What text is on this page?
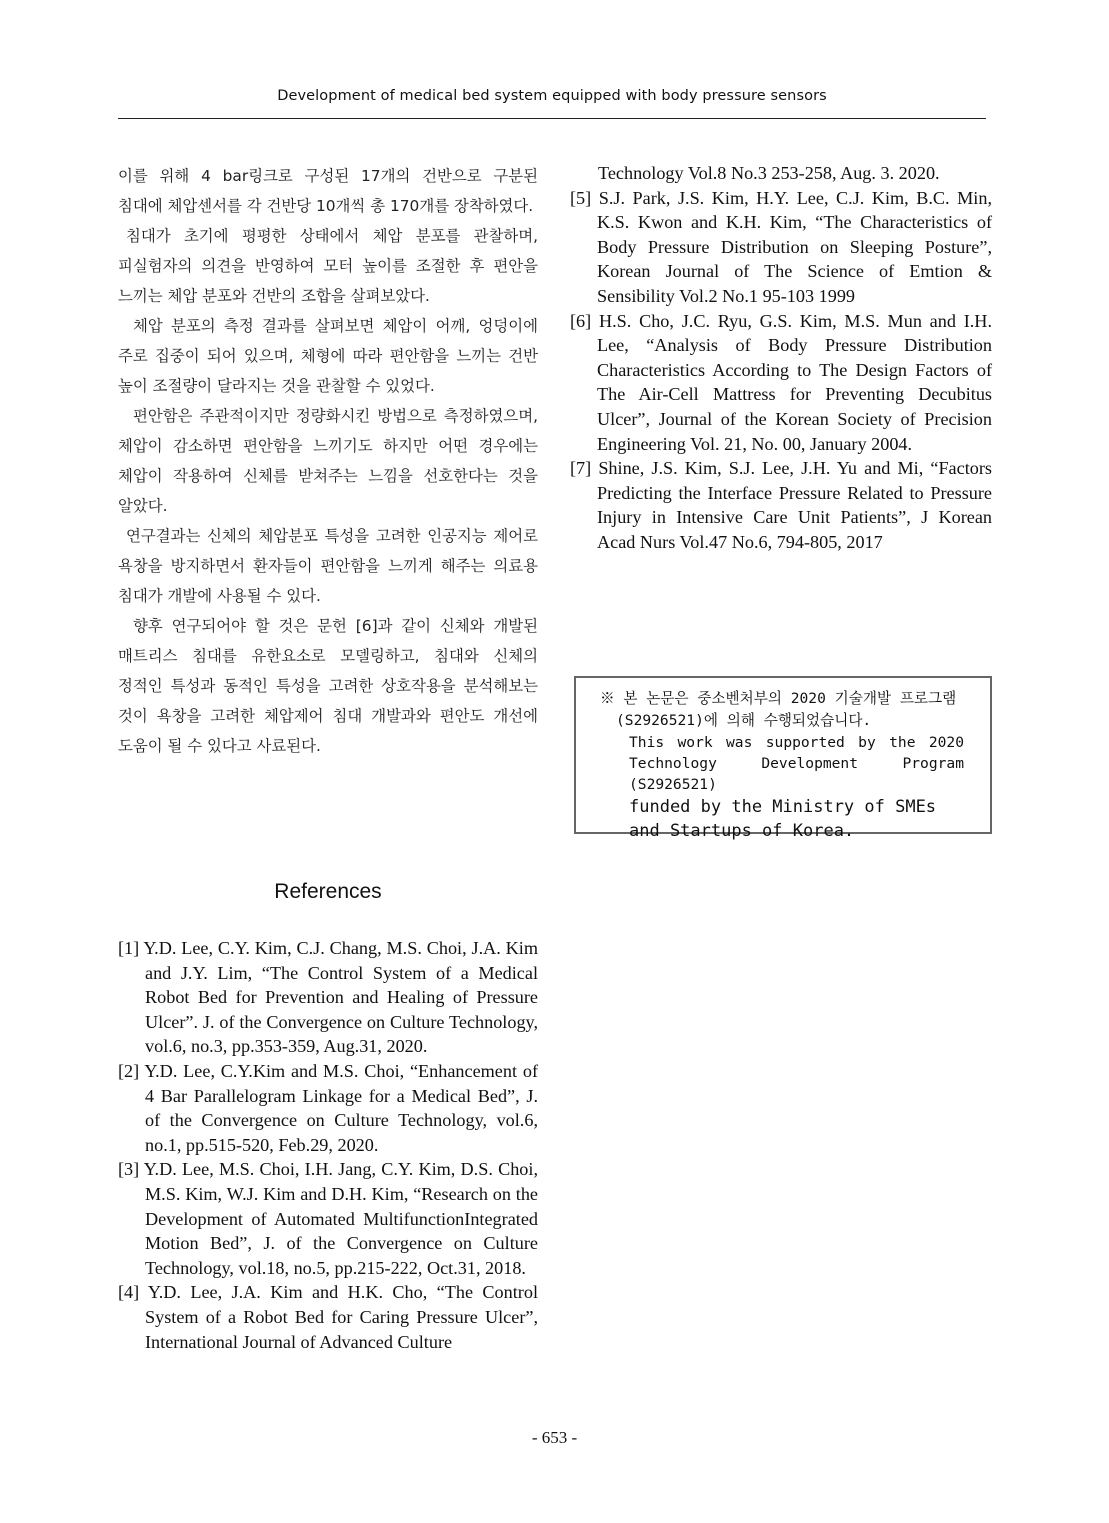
Development of medical bed system equipped with body pressure sensors

이를 위해 4 bar링크로 구성된 17개의 건반으로 구분된 침대에 체압센서를 각 건반당 10개씩 총 170개를 장착하였다.

침대가 초기에 평평한 상태에서 체압 분포를 관찰하며, 피실험자의 의견을 반영하여 모터 높이를 조절한 후 편안을 느끼는 체압 분포와 건반의 조합을 살펴보았다.

체압 분포의 측정 결과를 살펴보면 체압이 어깨, 엉덩이에 주로 집중이 되어 있으며, 체형에 따라 편안함을 느끼는 건반 높이 조절량이 달라지는 것을 관찰할 수 있었다.

편안함은 주관적이지만 정량화시킨 방법으로 측정하였으며, 체압이 감소하면 편안함을 느끼기도 하지만 어떤 경우에는 체압이 작용하여 신체를 받쳐주는 느낌을 선호한다는 것을 알았다.

연구결과는 신체의 체압분포 특성을 고려한 인공지능 제어로 욕창을 방지하면서 환자들이 편안함을 느끼게 해주는 의료용 침대가 개발에 사용될 수 있다.

향후 연구되어야 할 것은 문헌 [6]과 같이 신체와 개발된 매트리스 침대를 유한요소로 모델링하고, 침대와 신체의 정적인 특성과 동적인 특성을 고려한 상호작용을 분석해보는 것이 욕창을 고려한 체압제어 침대 개발과와 편안도 개선에 도움이 될 수 있다고 사료된다.

References

[1] Y.D. Lee, C.Y. Kim, C.J. Chang, M.S. Choi, J.A. Kim and J.Y. Lim, “The Control System of a Medical Robot Bed for Prevention and Healing of Pressure Ulcer”. J. of the Convergence on Culture Technology, vol.6, no.3, pp.353-359, Aug.31, 2020.

[2] Y.D. Lee, C.Y.Kim and M.S. Choi, “Enhancement of 4 Bar Parallelogram Linkage for a Medical Bed”, J. of the Convergence on Culture Technology, vol.6, no.1, pp.515-520, Feb.29, 2020.

[3] Y.D. Lee, M.S. Choi, I.H. Jang, C.Y. Kim, D.S. Choi, M.S. Kim, W.J. Kim and D.H. Kim, “Research on the Development of Automated MultifunctionIntegrated Motion Bed”, J. of the Convergence on Culture Technology, vol.18, no.5, pp.215-222, Oct.31, 2018.

[4] Y.D. Lee, J.A. Kim and H.K. Cho, “The Control System of a Robot Bed for Caring Pressure Ulcer”, International Journal of Advanced Culture

Technology Vol.8 No.3 253-258, Aug. 3. 2020.

[5] S.J. Park, J.S. Kim, H.Y. Lee, C.J. Kim, B.C. Min, K.S. Kwon and K.H. Kim, “The Characteristics of Body Pressure Distribution on Sleeping Posture”, Korean Journal of The Science of Emtion & Sensibility Vol.2 No.1 95-103 1999

[6] H.S. Cho, J.C. Ryu, G.S. Kim, M.S. Mun and I.H. Lee, “Analysis of Body Pressure Distribution Characteristics According to The Design Factors of The Air-Cell Mattress for Preventing Decubitus Ulcer”, Journal of the Korean Society of Precision Engineering Vol. 21, No. 00, January 2004.

[7] Shine, J.S. Kim, S.J. Lee, J.H. Yu and Mi, “Factors Predicting the Interface Pressure Related to Pressure Injury in Intensive Care Unit Patients”, J Korean Acad Nurs Vol.47 No.6, 794-805, 2017

※ 본 논문은 중소벤처부의 2020 기술개발 프로그램(S2926521)에 의해 수행되었습니다.

This work was supported by the 2020 Technology Development Program (S2926521)

funded by the Ministry of SMEs and Startups of Korea.

- 653 -
